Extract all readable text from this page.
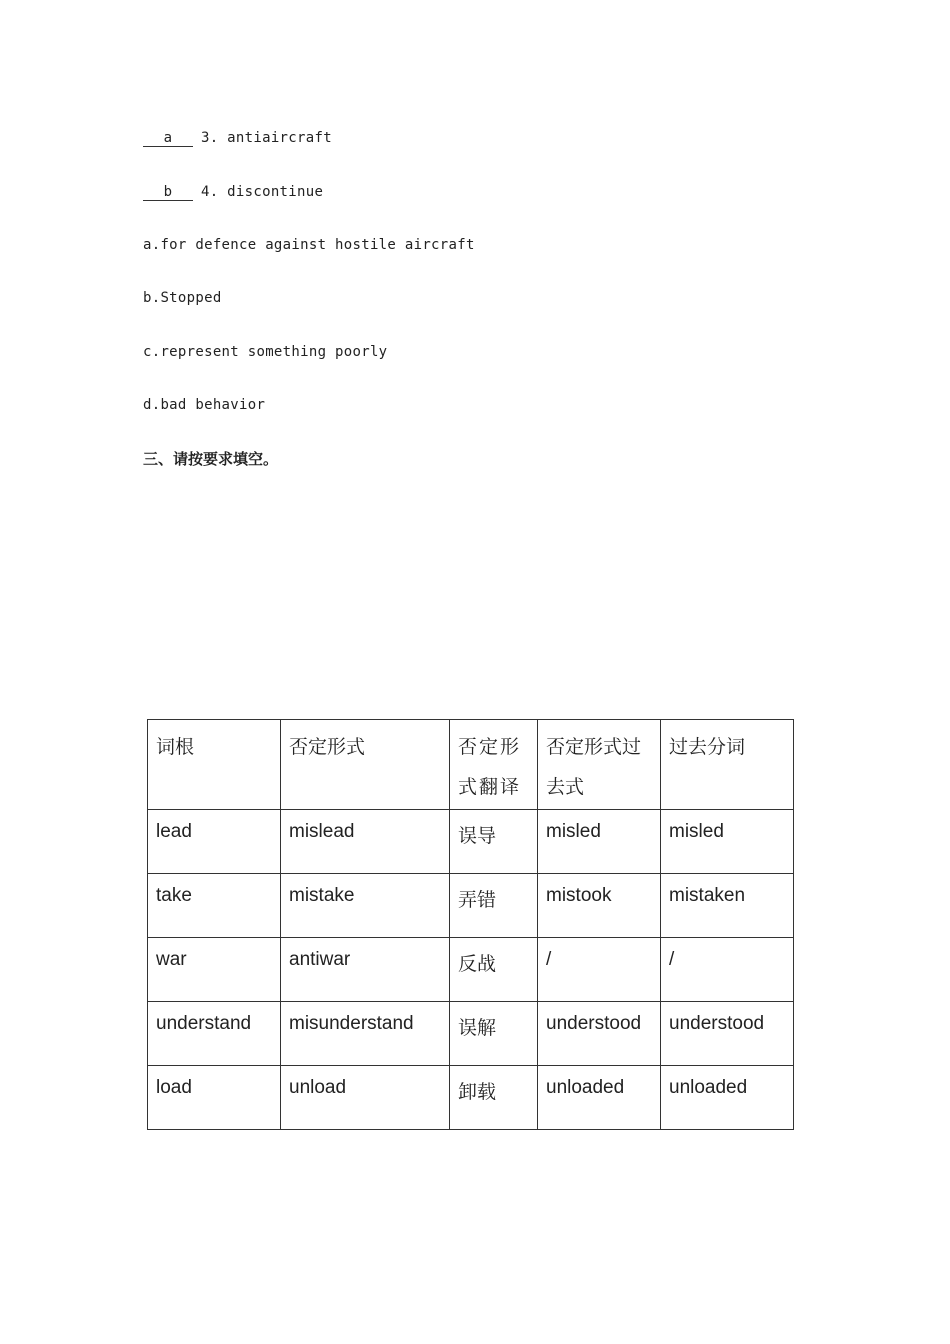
a 3. antiaircraft
b 4. discontinue
a.for defence against hostile aircraft
b.Stopped
c.represent something poorly
d.bad behavior
三、请按要求填空。
词根	否定形式	否定形式翻译	否定形式过去式	过去分词
lead	mislead	误导	misled	misled
take	mistake	弄错	mistook	mistaken
war	antiwar	反战	/	/
understand	misunderstand	误解	understood	understood
load	unload	卸载	unloaded	unloaded
